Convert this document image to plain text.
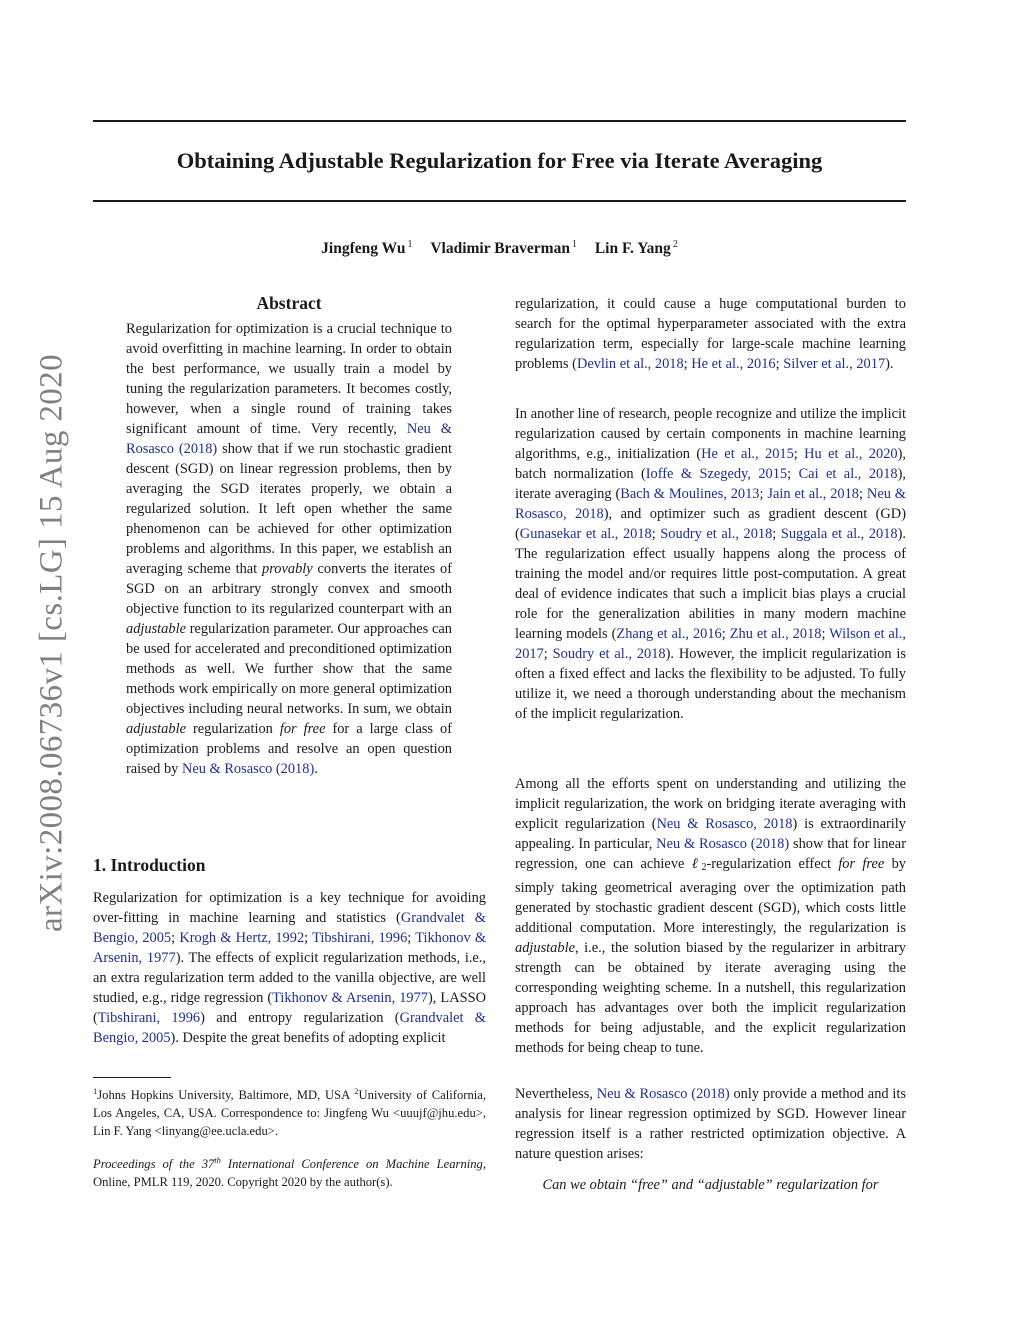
arXiv:2008.06736v1 [cs.LG] 15 Aug 2020
Obtaining Adjustable Regularization for Free via Iterate Averaging
Jingfeng Wu $^1$ Vladimir Braverman $^1$ Lin F. Yang $^2$
Abstract

Regularization for optimization is a crucial technique to avoid overfitting in machine learning. In order to obtain the best performance, we usually train a model by tuning the regularization parameters. It becomes costly, however, when a single round of training takes significant amount of time. Very recently, Neu & Rosasco (2018) show that if we run stochastic gradient descent (SGD) on linear regression problems, then by averaging the SGD iterates properly, we obtain a regularized solution. It left open whether the same phenomenon can be achieved for other optimization problems and algorithms. In this paper, we establish an averaging scheme that provably converts the iterates of SGD on an arbitrary strongly convex and smooth objective function to its regularized counterpart with an adjustable regularization parameter. Our approaches can be used for accelerated and preconditioned optimization methods as well. We further show that the same methods work empirically on more general optimization objectives including neural networks. In sum, we obtain adjustable regularization for free for a large class of optimization problems and resolve an open question raised by Neu & Rosasco (2018).

1. Introduction

Regularization for optimization is a key technique for avoiding over-fitting in machine learning and statistics (Grandvalet & Bengio, 2005; Krogh & Hertz, 1992; Tibshirani, 1996; Tikhonov & Arsenin, 1977). The effects of explicit regularization methods, i.e., an extra regularization term added to the vanilla objective, are well studied, e.g., ridge regression (Tikhonov & Arsenin, 1977), LASSO (Tibshirani, 1996) and entropy regularization (Grandvalet & Bengio, 2005). Despite the great benefits of adopting explicit

$^1$Johns Hopkins University, Baltimore, MD, USA $^2$University of California, Los Angeles, CA, USA. Correspondence to: Jingfeng Wu <uuujf@jhu.edu>, Lin F. Yang <linyang@ee.ucla.edu>.

Proceedings of the 37th International Conference on Machine Learning, Online, PMLR 119, 2020. Copyright 2020 by the author(s).

regularization, it could cause a huge computational burden to search for the optimal hyperparameter associated with the extra regularization term, especially for large-scale machine learning problems (Devlin et al., 2018; He et al., 2016; Silver et al., 2017).

In another line of research, people recognize and utilize the implicit regularization caused by certain components in machine learning algorithms, e.g., initialization (He et al., 2015; Hu et al., 2020), batch normalization (Ioffe & Szegedy, 2015; Cai et al., 2018), iterate averaging (Bach & Moulines, 2013; Jain et al., 2018; Neu & Rosasco, 2018), and optimizer such as gradient descent (GD) (Gunasekar et al., 2018; Soudry et al., 2018; Suggala et al., 2018). The regularization effect usually happens along the process of training the model and/or requires little post-computation. A great deal of evidence indicates that such a implicit bias plays a crucial role for the generalization abilities in many modern machine learning models (Zhang et al., 2016; Zhu et al., 2018; Wilson et al., 2017; Soudry et al., 2018). However, the implicit regularization is often a fixed effect and lacks the flexibility to be adjusted. To fully utilize it, we need a thorough understanding about the mechanism of the implicit regularization.

Among all the efforts spent on understanding and utilizing the implicit regularization, the work on bridging iterate averaging with explicit regularization (Neu & Rosasco, 2018) is extraordinarily appealing. In particular, Neu & Rosasco (2018) show that for linear regression, one can achieve ℓ$_2$-regularization effect for free by simply taking geometrical averaging over the optimization path generated by stochastic gradient descent (SGD), which costs little additional computation. More interestingly, the regularization is adjustable, i.e., the solution biased by the regularizer in arbitrary strength can be obtained by iterate averaging using the corresponding weighting scheme. In a nutshell, this regularization approach has advantages over both the implicit regularization methods for being adjustable, and the explicit regularization methods for being cheap to tune.

Nevertheless, Neu & Rosasco (2018) only provide a method and its analysis for linear regression optimized by SGD. However linear regression itself is a rather restricted optimization objective. A nature question arises:

Can we obtain “free” and “adjustable” regularization for
